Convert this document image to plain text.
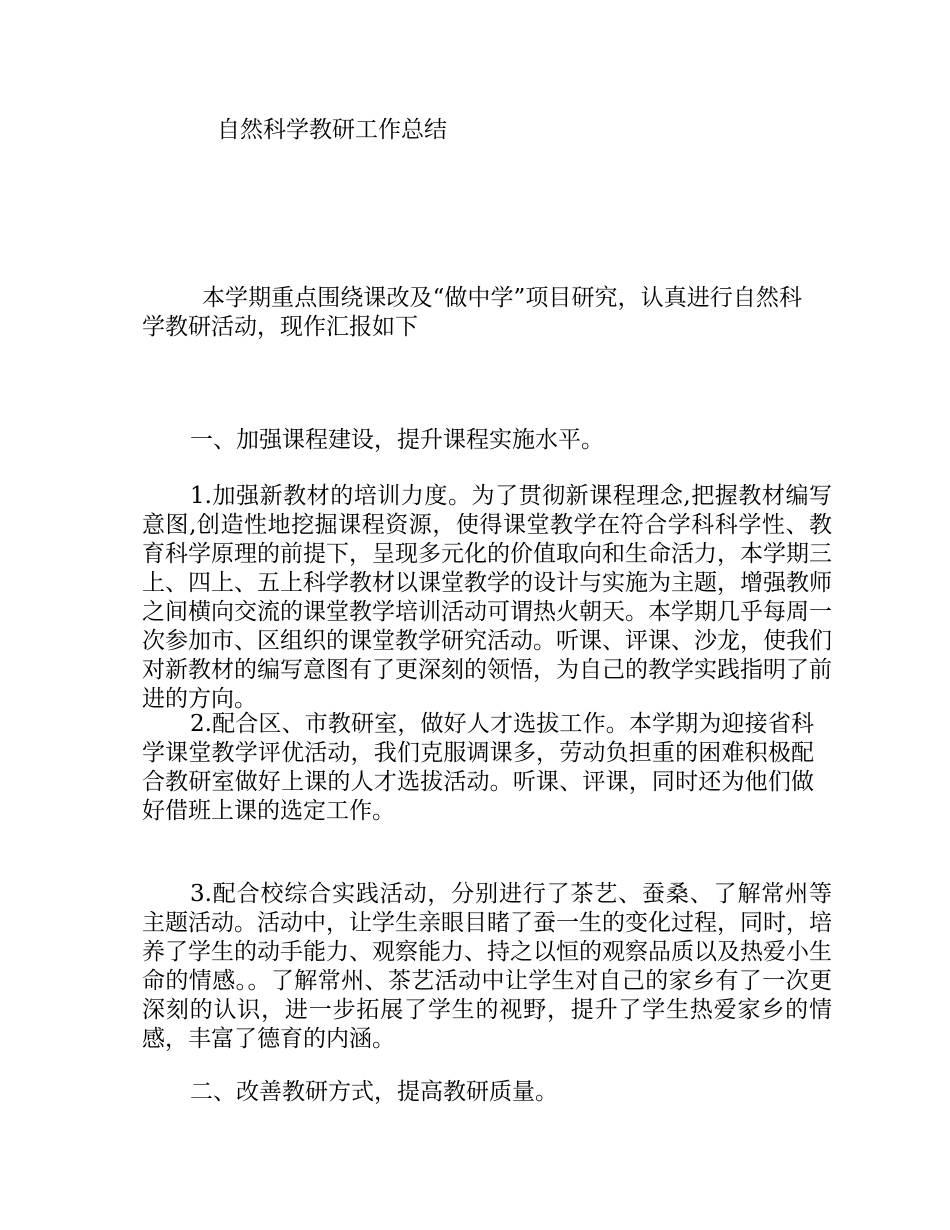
自然科学教研工作总结

本学期重点围绕课改及“做中学”项目研究，认真进行自然科学教研活动，现作汇报如下

一、加强课程建设，提升课程实施水平。

1.加强新教材的培训力度。为了贯彻新课程理念,把握教材编写意图,创造性地挖掘课程资源，使得课堂教学在符合学科科学性、教育科学原理的前提下，呈现多元化的价值取向和生命活力，本学期三上、四上、五上科学教材以课堂教学的设计与实施为主题，增强教师之间横向交流的课堂教学培训活动可谓热火朝天。本学期几乎每周一次参加市、区组织的课堂教学研究活动。听课、评课、沙龙，使我们对新教材的编写意图有了更深刻的领悟，为自己的教学实践指明了前进的方向。

2.配合区、市教研室，做好人才选拔工作。本学期为迎接省科学课堂教学评优活动，我们克服调课多，劳动负担重的困难积极配合教研室做好上课的人才选拔活动。听课、评课，同时还为他们做好借班上课的选定工作。

3.配合校综合实践活动，分别进行了茶艺、蚕桑、了解常州等主题活动。活动中，让学生亲眼目睹了蚕一生的变化过程，同时，培养了学生的动手能力、观察能力、持之以恒的观察品质以及热爱小生命的情感。。了解常州、茶艺活动中让学生对自己的家乡有了一次更深刻的认识，进一步拓展了学生的视野，提升了学生热爱家乡的情感，丰富了德育的内涵。

二、改善教研方式，提高教研质量。
